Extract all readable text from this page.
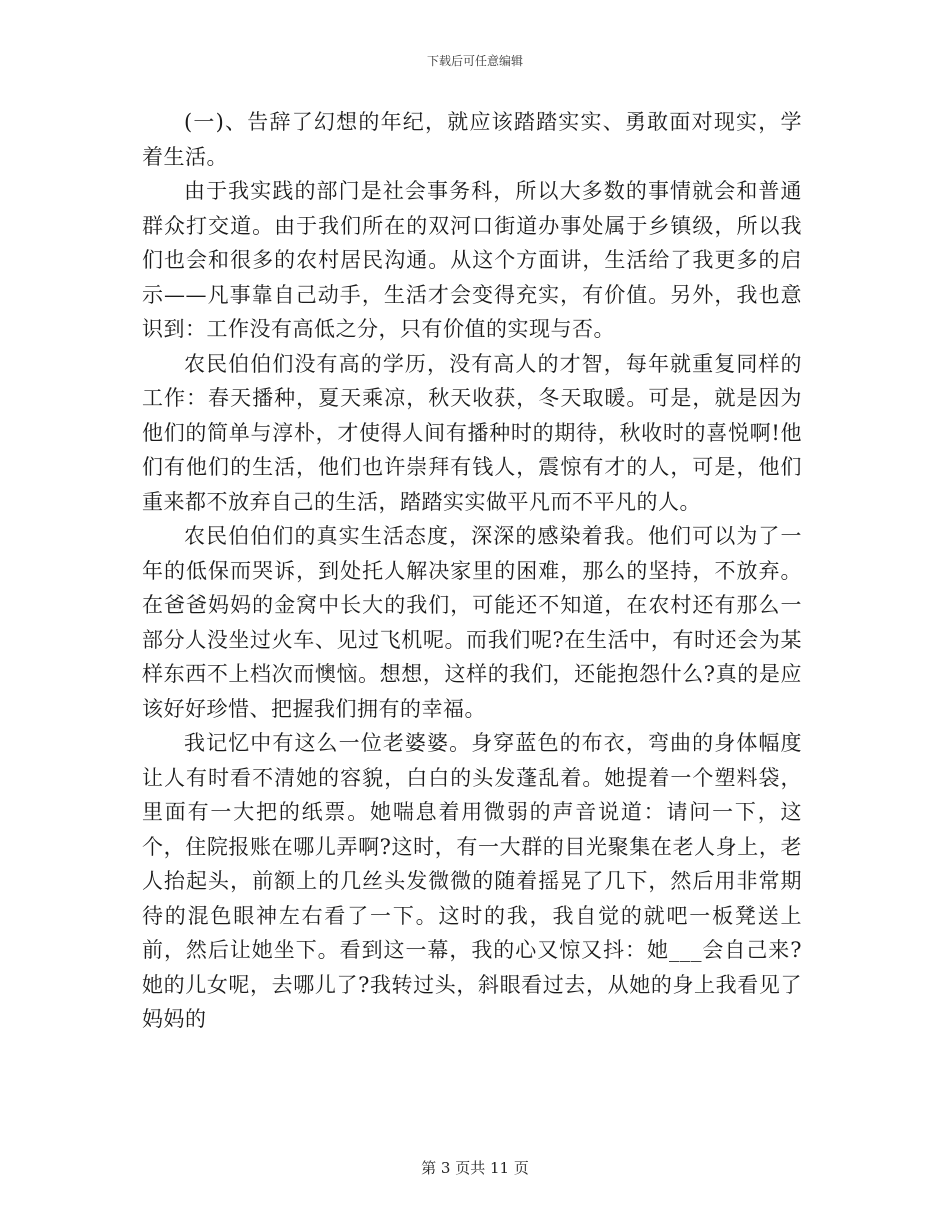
下载后可任意编辑

(一)、告辞了幻想的年纪，就应该踏踏实实、勇敢面对现实，学着生活。

由于我实践的部门是社会事务科，所以大多数的事情就会和普通群众打交道。由于我们所在的双河口街道办事处属于乡镇级，所以我们也会和很多的农村居民沟通。从这个方面讲，生活给了我更多的启示——凡事靠自己动手，生活才会变得充实，有价值。另外，我也意识到：工作没有高低之分，只有价值的实现与否。

农民伯伯们没有高的学历，没有高人的才智，每年就重复同样的工作：春天播种，夏天乘凉，秋天收获，冬天取暖。可是，就是因为他们的简单与淳朴，才使得人间有播种时的期待，秋收时的喜悦啊!他们有他们的生活，他们也许崇拜有钱人，震惊有才的人，可是，他们重来都不放弃自己的生活，踏踏实实做平凡而不平凡的人。

农民伯伯们的真实生活态度，深深的感染着我。他们可以为了一年的低保而哭诉，到处托人解决家里的困难，那么的坚持，不放弃。在爸爸妈妈的金窝中长大的我们，可能还不知道，在农村还有那么一部分人没坐过火车、见过飞机呢。而我们呢?在生活中，有时还会为某样东西不上档次而懊恼。想想，这样的我们，还能抱怨什么?真的是应该好好珍惜、把握我们拥有的幸福。

我记忆中有这么一位老婆婆。身穿蓝色的布衣，弯曲的身体幅度让人有时看不清她的容貌，白白的头发蓬乱着。她提着一个塑料袋，里面有一大把的纸票。她喘息着用微弱的声音说道：请问一下，这个，住院报账在哪儿弄啊?这时，有一大群的目光聚集在老人身上，老人抬起头，前额上的几丝头发微微的随着摇晃了几下，然后用非常期待的混色眼神左右看了一下。这时的我，我自觉的就吧一板凳送上前，然后让她坐下。看到这一幕，我的心又惊又抖：她___会自己来?她的儿女呢，去哪儿了?我转过头，斜眼看过去，从她的身上我看见了妈妈的

第 3 页共 11 页
